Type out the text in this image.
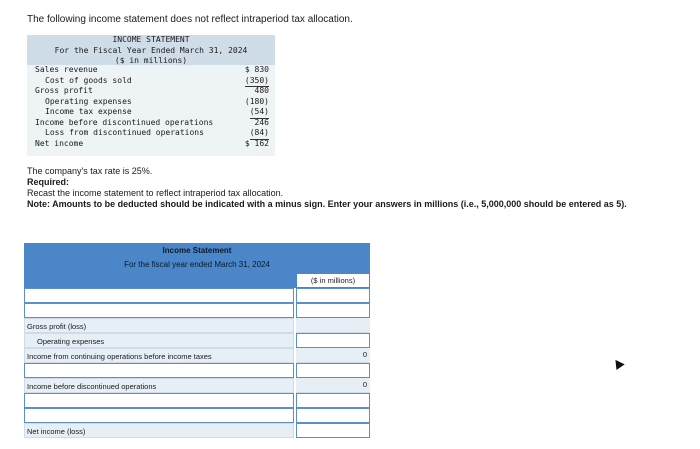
The following income statement does not reflect intraperiod tax allocation.
INCOME STATEMENT
For the Fiscal Year Ended March 31, 2024
($ in millions)
Sales revenue	$ 830
Cost of goods sold	(350)
Gross profit	480
Operating expenses	(180)
Income tax expense	(54)
Income before discontinued operations	246
Loss from discontinued operations	(84)
Net income	$ 162
The company's tax rate is 25%.
Required:
Recast the income statement to reflect intraperiod tax allocation.
Note: Amounts to be deducted should be indicated with a minus sign. Enter your answers in millions (i.e., 5,000,000 should be entered as 5).
Income Statement
For the fiscal year ended March 31, 2024
($ in millions)
Gross profit (loss)
Operating expenses
Income from continuing operations before income taxes	0
Income before discontinued operations	0
Net income (loss)
